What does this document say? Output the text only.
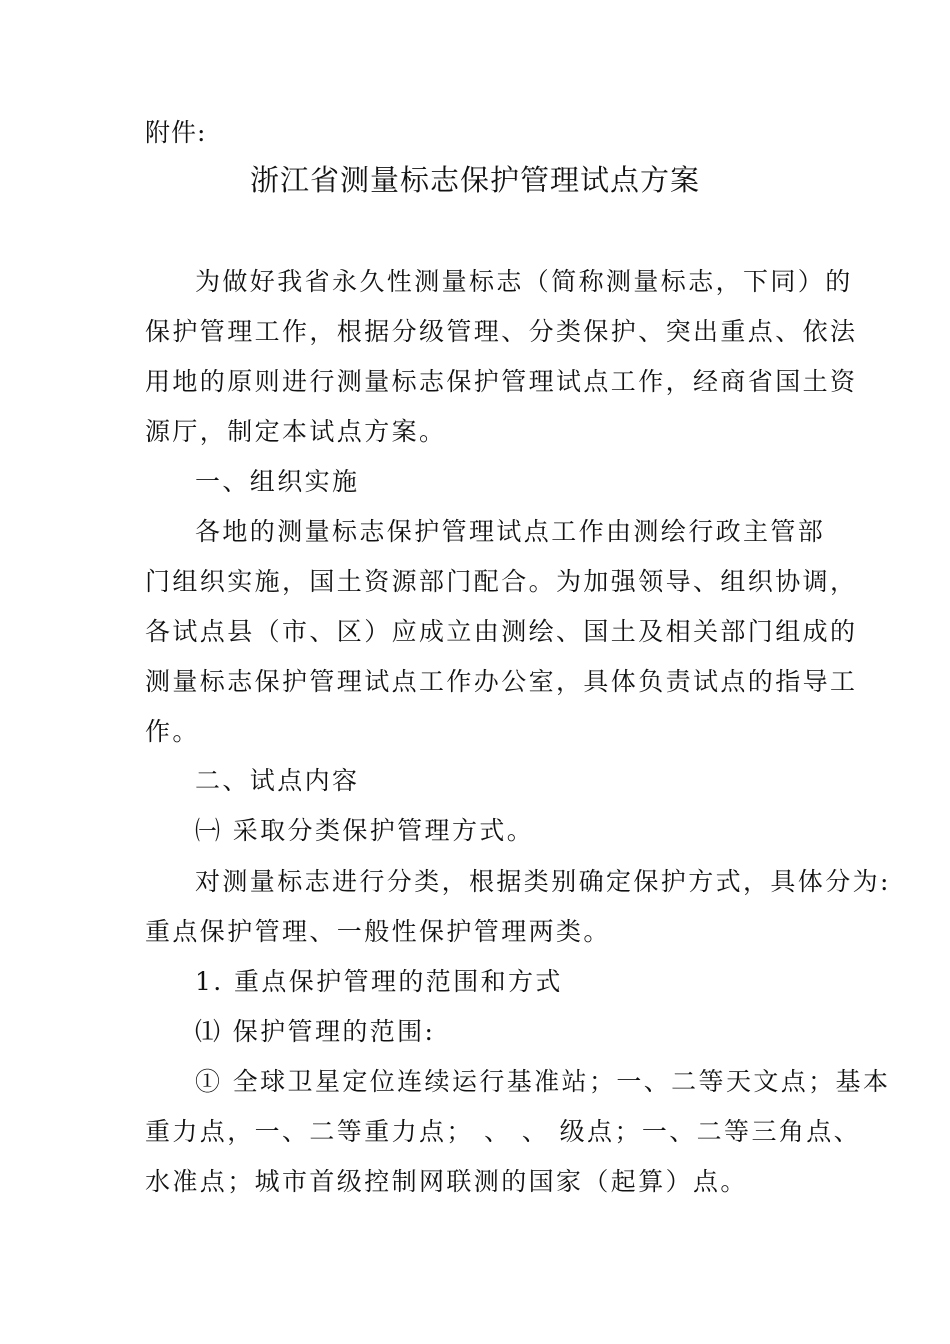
附件:
浙江省测量标志保护管理试点方案
为做好我省永久性测量标志（简称测量标志，下同）的
保护管理工作，根据分级管理、分类保护、突出重点、依法
用地的原则进行测量标志保护管理试点工作，经商省国土资
源厅，制定本试点方案。
一、组织实施
各地的测量标志保护管理试点工作由测绘行政主管部
门组织实施，国土资源部门配合。为加强领导、组织协调，
各试点县（市、区）应成立由测绘、国土及相关部门组成的
测量标志保护管理试点工作办公室，具体负责试点的指导工
作。
二、试点内容
㈠ 采取分类保护管理方式。
对测量标志进行分类，根据类别确定保护方式，具体分为:
重点保护管理、一般性保护管理两类。
1. 重点保护管理的范围和方式
⑴ 保护管理的范围:
① 全球卫星定位连续运行基准站；一、二等天文点；基本
重力点，一、二等重力点； 、 、 级点；一、二等三角点、
水准点；城市首级控制网联测的国家（起算）点。
